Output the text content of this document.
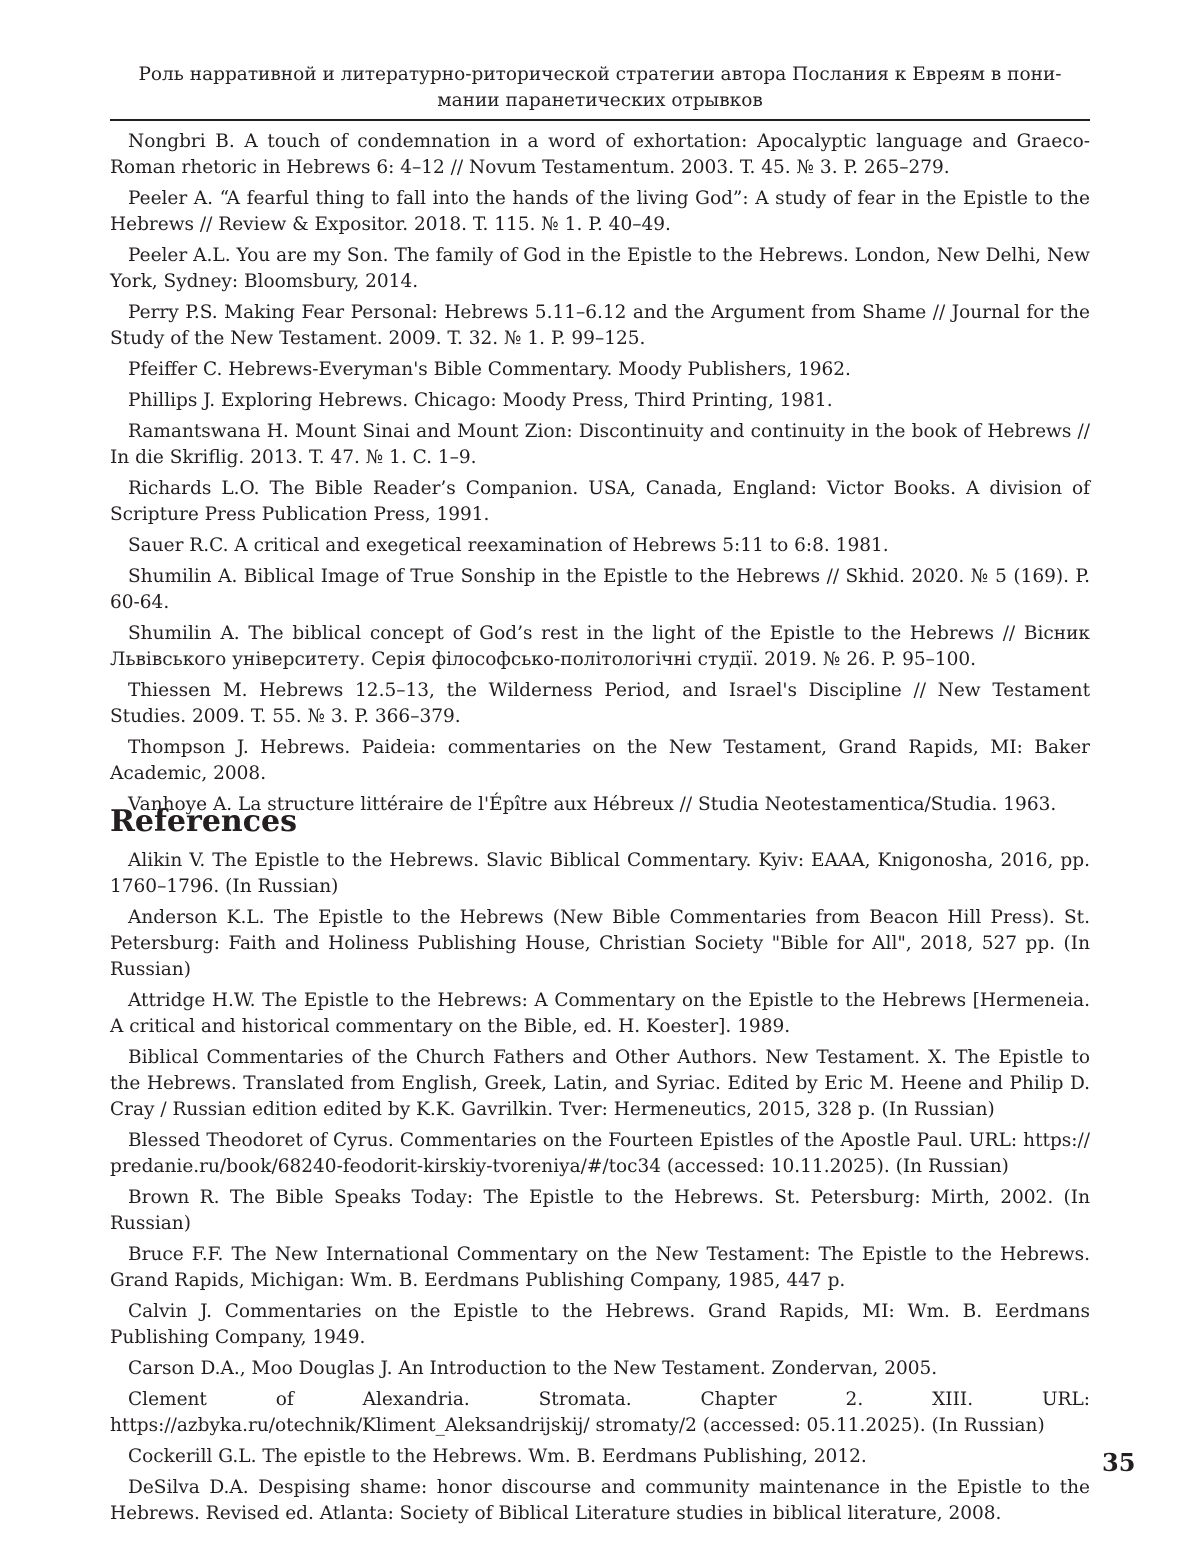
Роль нарративной и литературно-риторической стратегии автора Послания к Евреям в пони-
мании паранетических отрывков

Nongbri B. A touch of condemnation in a word of exhortation: Apocalyptic language and Graeco-Roman rhetoric in Hebrews 6: 4–12 // Novum Testamentum. 2003. T. 45. № 3. P. 265–279.

Peeler A. “A fearful thing to fall into the hands of the living God”: A study of fear in the Epistle to the Hebrews // Review & Expositor. 2018. T. 115. № 1. P. 40–49.

Peeler A.L. You are my Son. The family of God in the Epistle to the Hebrews. London, New Delhi, New York, Sydney: Bloomsbury, 2014.

Perry P.S. Making Fear Personal: Hebrews 5.11–6.12 and the Argument from Shame // Journal for the Study of the New Testament. 2009. T. 32. № 1. P. 99–125.

Pfeiffer C. Hebrews-Everyman's Bible Commentary. Moody Publishers, 1962.

Phillips J. Exploring Hebrews. Chicago: Moody Press, Third Printing, 1981.

Ramantswana H. Mount Sinai and Mount Zion: Discontinuity and continuity in the book of Hebrews // In die Skriflig. 2013. T. 47. № 1. C. 1–9.

Richards L.O. The Bible Reader’s Companion. USA, Canada, England: Victor Books. A division of Scripture Press Publication Press, 1991.

Sauer R.C. A critical and exegetical reexamination of Hebrews 5:11 to 6:8. 1981.

Shumilin A. Biblical Image of True Sonship in the Epistle to the Hebrews // Skhid. 2020. № 5 (169). P. 60-64.

Shumilin A. The biblical concept of God’s rest in the light of the Epistle to the Hebrews // Вісник Львівського університету. Серія філософсько-політологічні студії. 2019. № 26. P. 95–100.

Thiessen M. Hebrews 12.5–13, the Wilderness Period, and Israel's Discipline // New Testament Studies. 2009. T. 55. № 3. P. 366–379.

Thompson J. Hebrews. Paideia: commentaries on the New Testament, Grand Rapids, MI: Baker Academic, 2008.

Vanhoye A. La structure littéraire de l'Épître aux Hébreux // Studia Neotestamentica/Studia. 1963.

References

Alikin V. The Epistle to the Hebrews. Slavic Biblical Commentary. Kyiv: EAAA, Knigonosha, 2016, pp. 1760–1796. (In Russian)

Anderson K.L. The Epistle to the Hebrews (New Bible Commentaries from Beacon Hill Press). St. Petersburg: Faith and Holiness Publishing House, Christian Society "Bible for All", 2018, 527 pp. (In Russian)

Attridge H.W. The Epistle to the Hebrews: A Commentary on the Epistle to the Hebrews [Hermeneia. A critical and historical commentary on the Bible, ed. H. Koester]. 1989.

Biblical Commentaries of the Church Fathers and Other Authors. New Testament. X. The Epistle to the Hebrews. Translated from English, Greek, Latin, and Syriac. Edited by Eric M. Heene and Philip D. Cray / Russian edition edited by K.K. Gavrilkin. Tver: Hermeneutics, 2015, 328 p. (In Russian)

Blessed Theodoret of Cyrus. Commentaries on the Fourteen Epistles of the Apostle Paul. URL: https:// predanie.ru/book/68240-feodorit-kirskiy-tvoreniya/#/toc34 (accessed: 10.11.2025). (In Russian)

Brown R. The Bible Speaks Today: The Epistle to the Hebrews. St. Petersburg: Mirth, 2002. (In Russian)

Bruce F.F. The New International Commentary on the New Testament: The Epistle to the Hebrews. Grand Rapids, Michigan: Wm. B. Eerdmans Publishing Company, 1985, 447 p.

Calvin J. Commentaries on the Epistle to the Hebrews. Grand Rapids, MI: Wm. B. Eerdmans Publishing Company, 1949.

Carson D.A., Moo Douglas J. An Introduction to the New Testament. Zondervan, 2005.

Clement of Alexandria. Stromata. Chapter 2. XIII. URL: https://azbyka.ru/otechnik/Kliment_Aleksandrijskij/ stromaty/2 (accessed: 05.11.2025). (In Russian)

Cockerill G.L. The epistle to the Hebrews. Wm. B. Eerdmans Publishing, 2012.

DeSilva D.A. Despising shame: honor discourse and community maintenance in the Epistle to the Hebrews. Revised ed. Atlanta: Society of Biblical Literature studies in biblical literature, 2008.

35
